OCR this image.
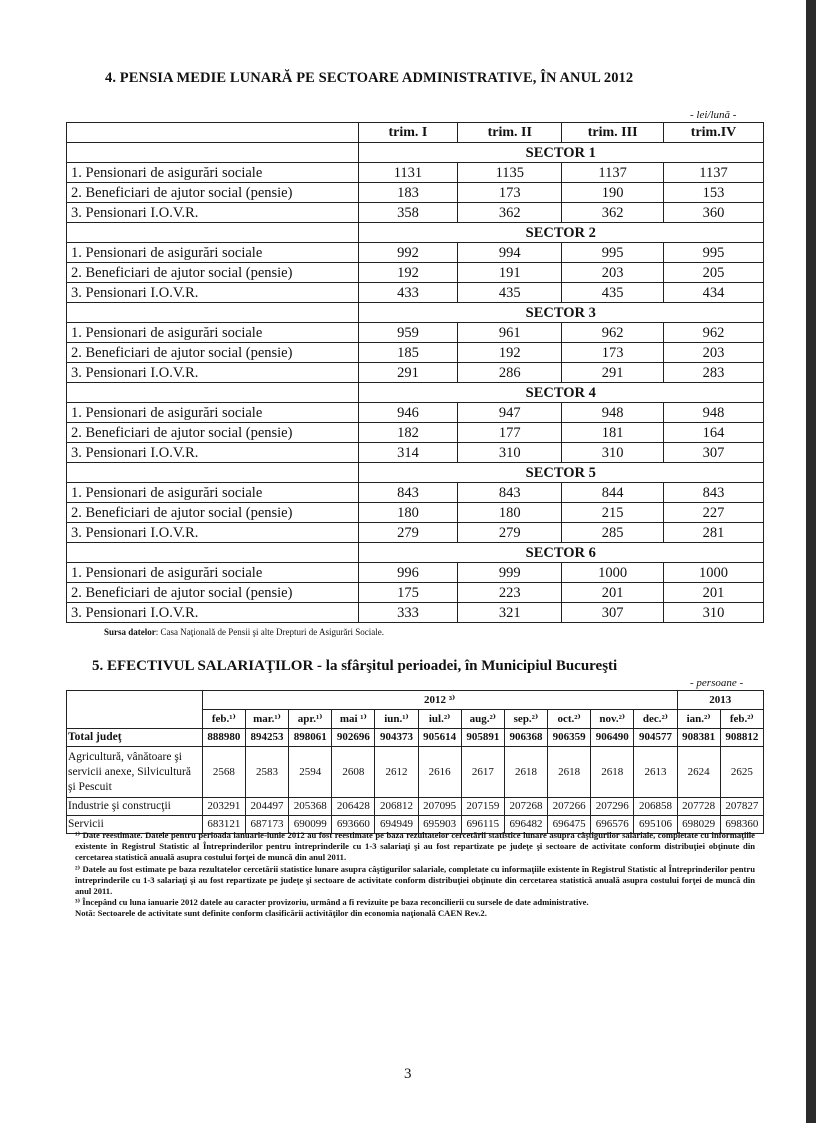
4. PENSIA MEDIE LUNARĂ PE SECTOARE ADMINISTRATIVE, ÎN ANUL 2012
- lei/lună -
	trim. I	trim. II	trim. III	trim.IV
	SECTOR 1			
1. Pensionari de asigurări sociale	1131	1135	1137	1137
2. Beneficiari de ajutor social (pensie)	183	173	190	153
3. Pensionari I.O.V.R.	358	362	362	360
	SECTOR 2			
1. Pensionari de asigurări sociale	992	994	995	995
2. Beneficiari de ajutor social (pensie)	192	191	203	205
3. Pensionari I.O.V.R.	433	435	435	434
	SECTOR 3			
1. Pensionari de asigurări sociale	959	961	962	962
2. Beneficiari de ajutor social (pensie)	185	192	173	203
3. Pensionari I.O.V.R.	291	286	291	283
	SECTOR 4			
1. Pensionari de asigurări sociale	946	947	948	948
2. Beneficiari de ajutor social (pensie)	182	177	181	164
3. Pensionari I.O.V.R.	314	310	310	307
	SECTOR 5			
1. Pensionari de asigurări sociale	843	843	844	843
2. Beneficiari de ajutor social (pensie)	180	180	215	227
3. Pensionari I.O.V.R.	279	279	285	281
	SECTOR 6			
1. Pensionari de asigurări sociale	996	999	1000	1000
2. Beneficiari de ajutor social (pensie)	175	223	201	201
3. Pensionari I.O.V.R.	333	321	307	310
Sursa datelor: Casa Naţională de Pensii şi alte Drepturi de Asigurări Sociale.
5. EFECTIVUL SALARIAŢILOR - la sfârşitul perioadei, în Municipiul Bucureşti
- persoane -
	2012 ³⁾											2013	
	feb.¹⁾	mar.¹⁾	apr.¹⁾	mai ¹⁾	iun.¹⁾	iul.²⁾	aug.²⁾	sep.²⁾	oct.²⁾	nov.²⁾	dec.²⁾	ian.²⁾	feb.²⁾
Total judeţ	888980	894253	898061	902696	904373	905614	905891	906368	906359	906490	904577	908381	908812
Agricultură, vânătoare şi servicii anexe, Silvicultură şi Pescuit	2568	2583	2594	2608	2612	2616	2617	2618	2618	2618	2613	2624	2625
Industrie şi construcţii	203291	204497	205368	206428	206812	207095	207159	207268	207266	207296	206858	207728	207827
Servicii	683121	687173	690099	693660	694949	695903	696115	696482	696475	696576	695106	698029	698360

¹⁾ Date reestimate. Datele pentru perioada ianuarie-iunie 2012 au fost reestimate pe baza rezultatelor cercetării statistice lunare asupra câştigurilor salariale, completate cu informaţiile existente în Registrul Statistic al Întreprinderilor pentru întreprinderile cu 1-3 salariaţi şi au fost repartizate pe judeţe şi sectoare de activitate conform distribuţiei obţinute din cercetarea statistică anuală asupra costului forţei de muncă din anul 2011.

²⁾ Datele au fost estimate pe baza rezultatelor cercetării statistice lunare asupra câştigurilor salariale, completate cu informaţiile existente în Registrul Statistic al Întreprinderilor pentru întreprinderile cu 1-3 salariaţi şi au fost repartizate pe judeţe şi sectoare de activitate conform distribuţiei obţinute din cercetarea statistică anuală asupra costului forţei de muncă din anul 2011.

³⁾ Începând cu luna ianuarie 2012 datele au caracter provizoriu, urmând a fi revizuite pe baza reconcilierii cu sursele de date administrative.

Notă: Sectoarele de activitate sunt definite conform clasificării activităţilor din economia naţională CAEN Rev.2.

3
